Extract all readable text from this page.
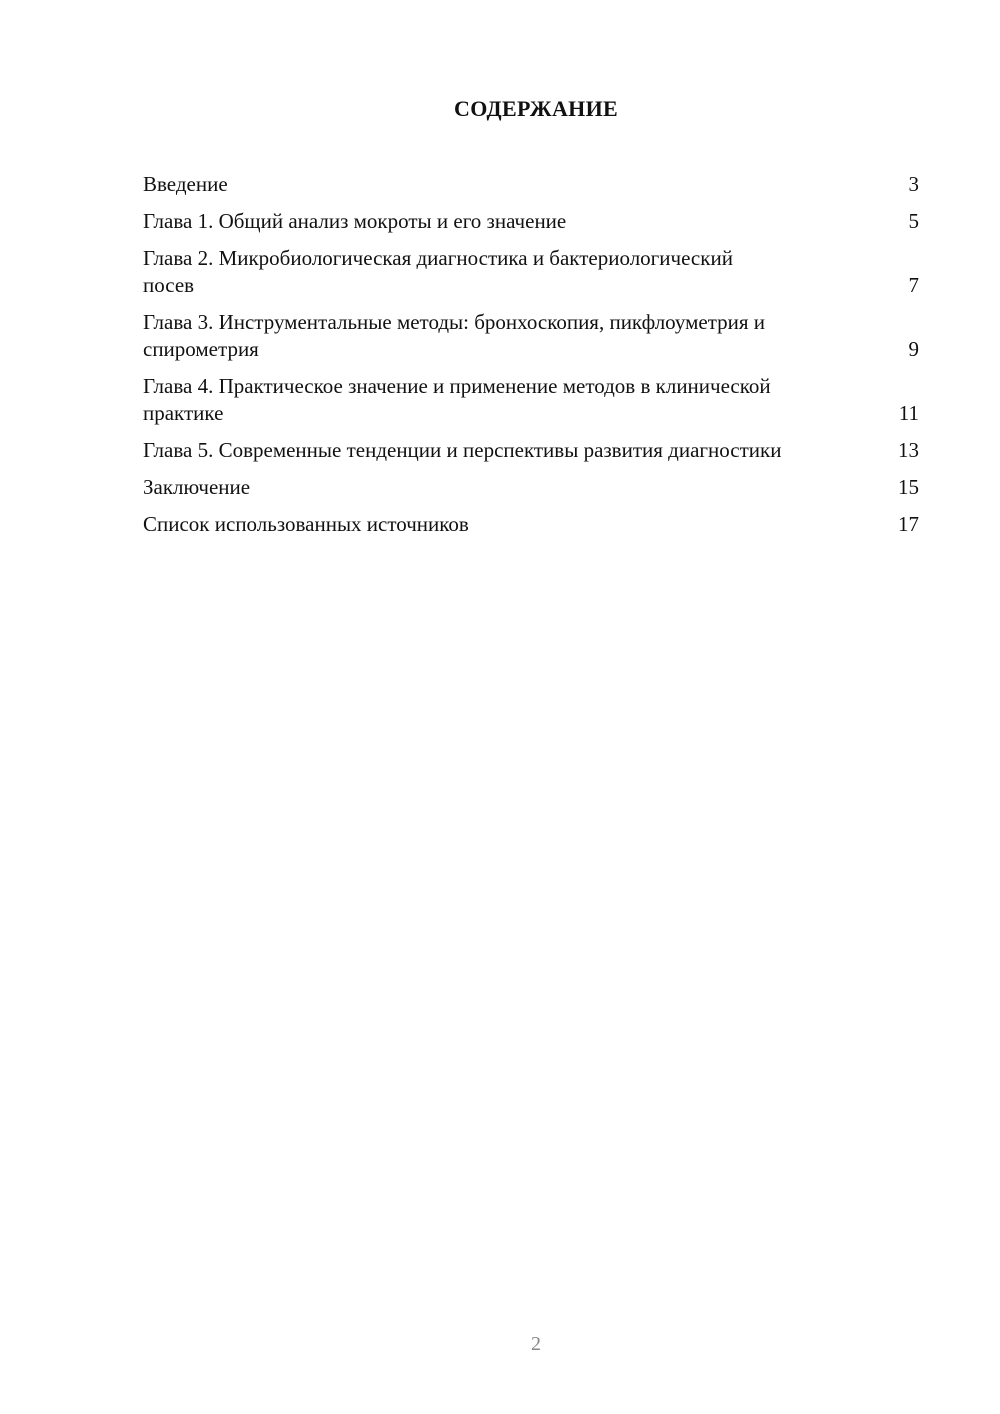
СОДЕРЖАНИЕ
Введение	3
Глава 1. Общий анализ мокроты и его значение	5
Глава 2. Микробиологическая диагностика и бактериологический посев	7
Глава 3. Инструментальные методы: бронхоскопия, пикфлоуметрия и спирометрия	9
Глава 4. Практическое значение и применение методов в клинической практике	11
Глава 5. Современные тенденции и перспективы развития диагностики	13
Заключение	15
Список использованных источников	17
2
